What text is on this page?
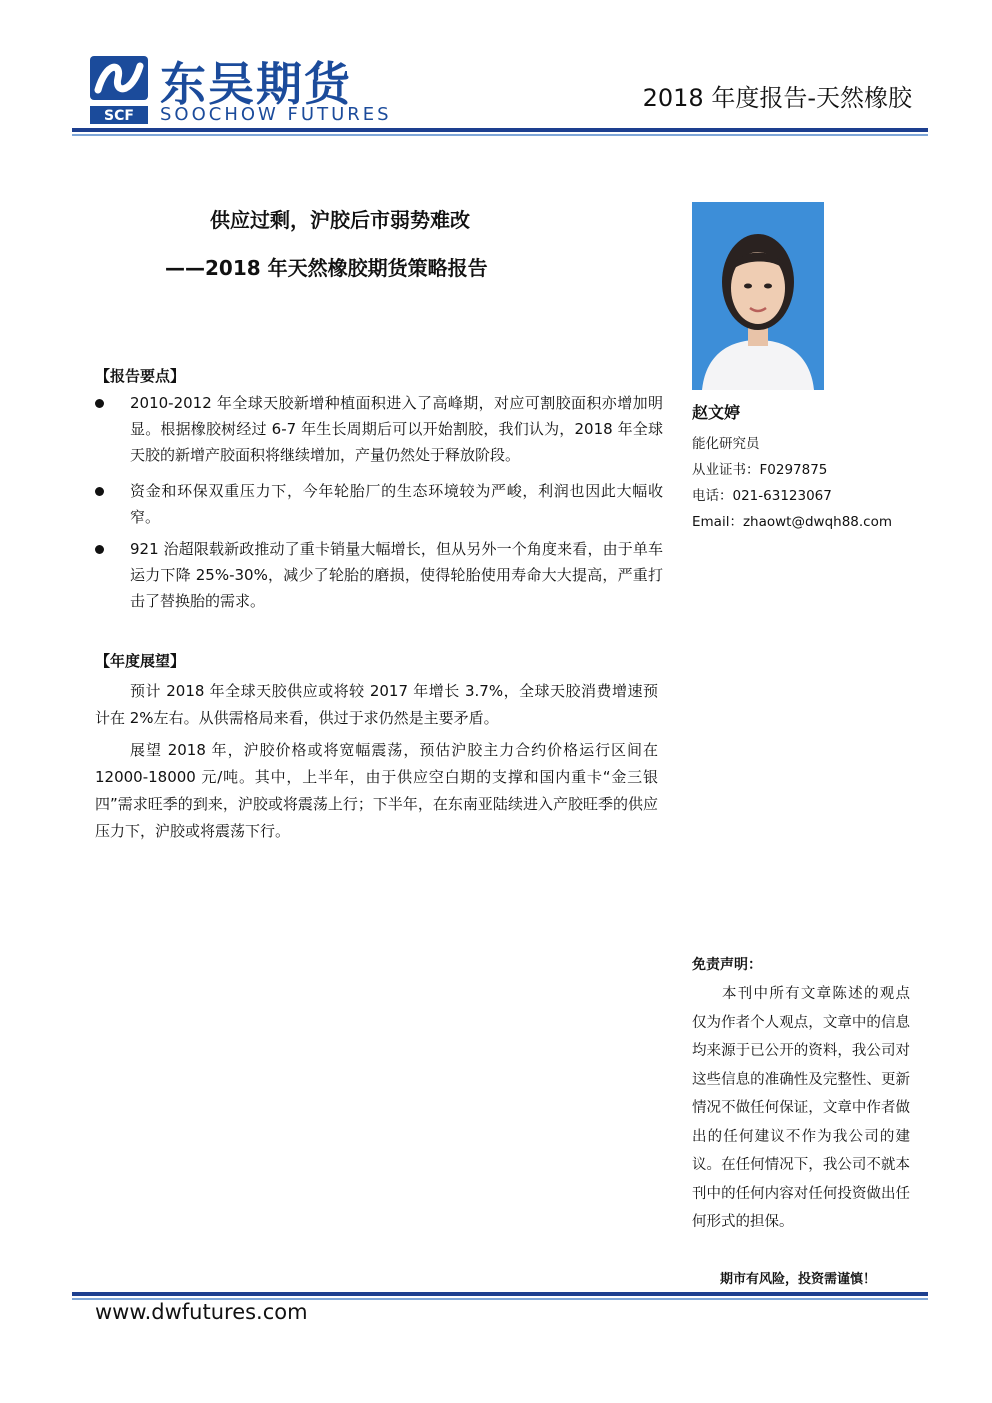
SCF
东吴期货
SOOCHOW FUTURES
2018 年度报告-天然橡胶
供应过剩，沪胶后市弱势难改
——2018 年天然橡胶期货策略报告
【报告要点】
2010-2012 年全球天胶新增种植面积进入了高峰期，对应可割胶面积亦增加明显。根据橡胶树经过 6-7 年生长周期后可以开始割胶，我们认为，2018 年全球天胶的新增产胶面积将继续增加，产量仍然处于释放阶段。
资金和环保双重压力下，今年轮胎厂的生态环境较为严峻，利润也因此大幅收窄。
921 治超限载新政推动了重卡销量大幅增长，但从另外一个角度来看，由于单车运力下降 25%-30%，减少了轮胎的磨损，使得轮胎使用寿命大大提高，严重打击了替换胎的需求。
【年度展望】
预计 2018 年全球天胶供应或将较 2017 年增长 3.7%，全球天胶消费增速预计在 2%左右。从供需格局来看，供过于求仍然是主要矛盾。
展望 2018 年，沪胶价格或将宽幅震荡，预估沪胶主力合约价格运行区间在 12000-18000 元/吨。其中，上半年，由于供应空白期的支撑和国内重卡“金三银四”需求旺季的到来，沪胶或将震荡上行；下半年，在东南亚陆续进入产胶旺季的供应压力下，沪胶或将震荡下行。
赵文婷
能化研究员
从业证书：F0297875
电话：021-63123067
Email：zhaowt@dwqh88.com
免责声明：
本刊中所有文章陈述的观点仅为作者个人观点，文章中的信息均来源于已公开的资料，我公司对这些信息的准确性及完整性、更新情况不做任何保证，文章中作者做出的任何建议不作为我公司的建议。在任何情况下，我公司不就本刊中的任何内容对任何投资做出任何形式的担保。
期市有风险，投资需谨慎！
www.dwfutures.com
